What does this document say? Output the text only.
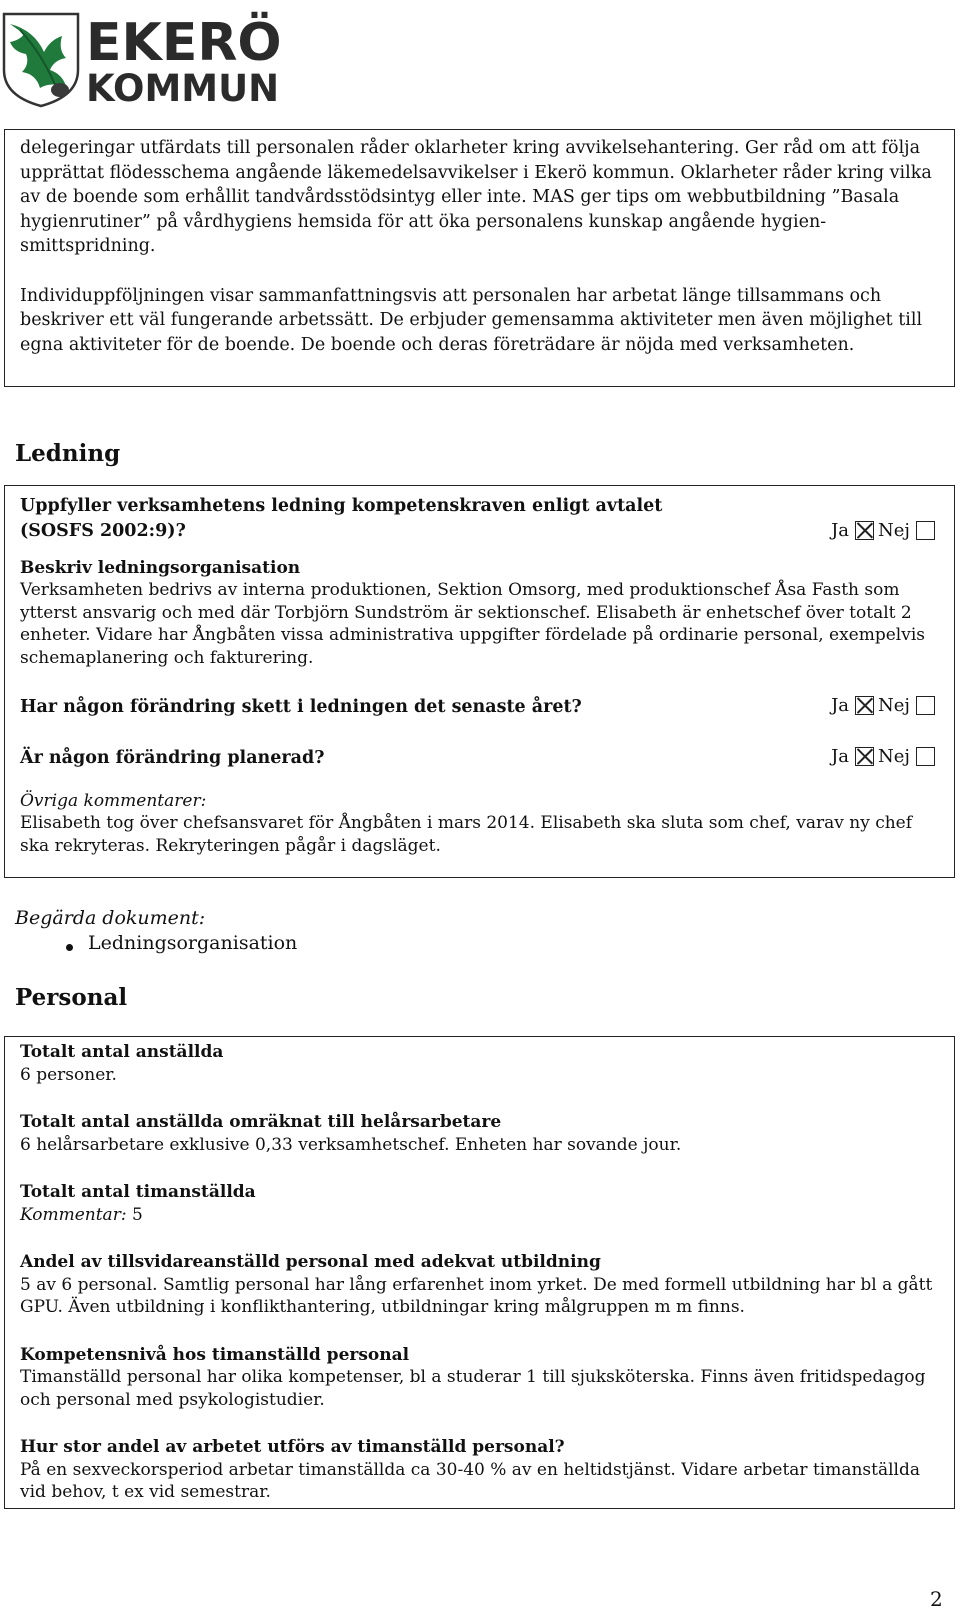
EKERÖ
KOMMUN

delegeringar utfärdats till personalen råder oklarheter kring avvikelsehantering. Ger råd om att följa upprättat flödesschema angående läkemedelsavvikelser i Ekerö kommun. Oklarheter råder kring vilka av de boende som erhållit tandvårdsstödsintyg eller inte. MAS ger tips om webbutbildning ”Basala hygienrutiner” på vårdhygiens hemsida för att öka personalens kunskap angående hygien- smittspridning.

Individuppföljningen visar sammanfattningsvis att personalen har arbetat länge tillsammans och beskriver ett väl fungerande arbetssätt. De erbjuder gemensamma aktiviteter men även möjlighet till egna aktiviteter för de boende. De boende och deras företrädare är nöjda med verksamheten.

Ledning

Uppfyller verksamhetens ledning kompetenskraven enligt avtalet (SOSFS 2002:9)?	Ja Nej

Beskriv ledningsorganisation

Verksamheten bedrivs av interna produktionen, Sektion Omsorg, med produktionschef Åsa Fasth som ytterst ansvarig och med där Torbjörn Sundström är sektionschef. Elisabeth är enhetschef över totalt 2 enheter. Vidare har Ångbåten vissa administrativa uppgifter fördelade på ordinarie personal, exempelvis schemaplanering och fakturering.

Har någon förändring skett i ledningen det senaste året?	Ja Nej

Är någon förändring planerad?	Ja Nej

Övriga kommentarer:

Elisabeth tog över chefsansvaret för Ångbåten i mars 2014. Elisabeth ska sluta som chef, varav ny chef ska rekryteras. Rekryteringen pågår i dagsläget.

Begärda dokument:

Ledningsorganisation
Personal

Totalt antal anställda

6 personer.

Totalt antal anställda omräknat till helårsarbetare

6 helårsarbetare exklusive 0,33 verksamhetschef. Enheten har sovande jour.

Totalt antal timanställda

Kommentar: 5

Andel av tillsvidareanställd personal med adekvat utbildning

5 av 6 personal. Samtlig personal har lång erfarenhet inom yrket. De med formell utbildning har bl a gått GPU. Även utbildning i konflikthantering, utbildningar kring målgruppen m m finns.

Kompetensnivå hos timanställd personal

Timanställd personal har olika kompetenser, bl a studerar 1 till sjuksköterska. Finns även fritidspedagog och personal med psykologistudier.

Hur stor andel av arbetet utförs av timanställd personal?

På en sexveckorsperiod arbetar timanställda ca 30-40 % av en heltidstjänst. Vidare arbetar timanställda vid behov, t ex vid semestrar.

2
